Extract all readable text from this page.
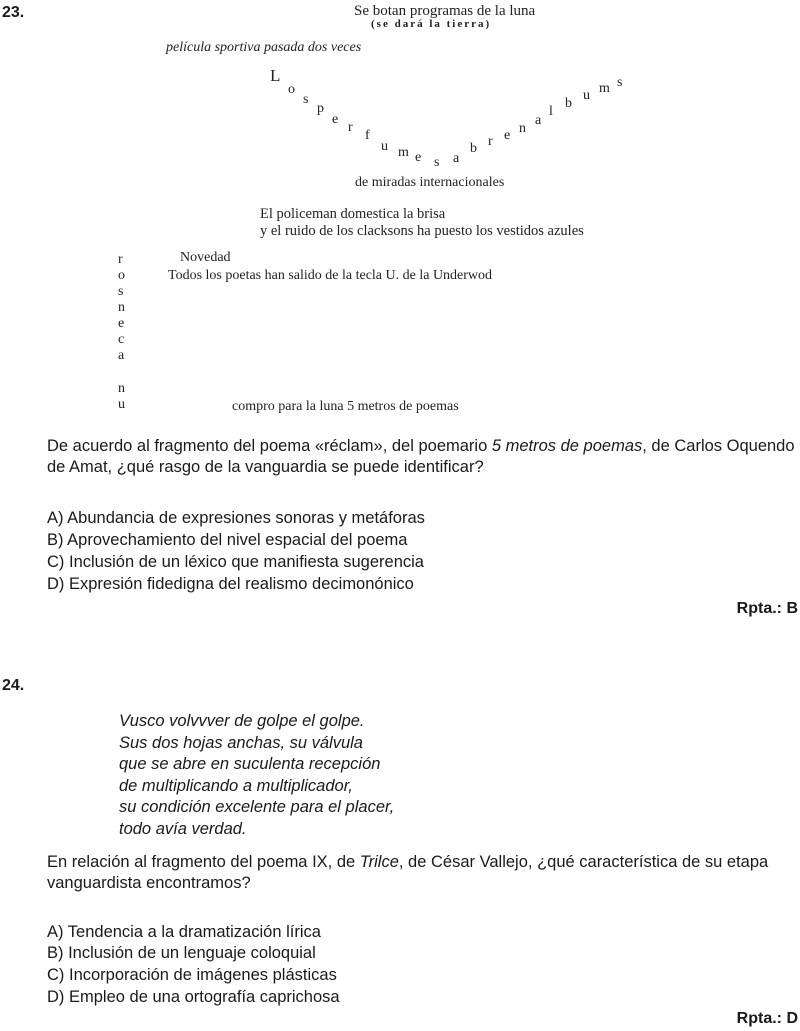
23.	Se botan programas de la luna
(se dará la tierra)
película sportiva pasada dos veces
L
o
s
p
e
r
f
u m e s a
b r e n
a
l
b
u m s
de miradas internacionales
El policeman domestica la brisa
y el ruido de los clacksons ha puesto los vestidos azules
r
o
s
n
e
c
a
n
u
Novedad
Todos los poetas han salido de la tecla U. de la Underwod
compro para la luna 5 metros de poemas
De acuerdo al fragmento del poema «réclam», del poemario 5 metros de poemas, de Carlos Oquendo de Amat, ¿qué rasgo de la vanguardia se puede identificar?
A) Abundancia de expresiones sonoras y metáforas
B) Aprovechamiento del nivel espacial del poema
C) Inclusión de un léxico que manifiesta sugerencia
D) Expresión fidedigna del realismo decimonónico
Rpta.: B
24.
Vusco volvvver de golpe el golpe.
Sus dos hojas anchas, su válvula
que se abre en suculenta recepción
de multiplicando a multiplicador,
su condición excelente para el placer,
todo avía verdad.
En relación al fragmento del poema IX, de Trilce, de César Vallejo, ¿qué característica de su etapa vanguardista encontramos?
A) Tendencia a la dramatización lírica
B) Inclusión de un lenguaje coloquial
C) Incorporación de imágenes plásticas
D) Empleo de una ortografía caprichosa
Rpta.: D
